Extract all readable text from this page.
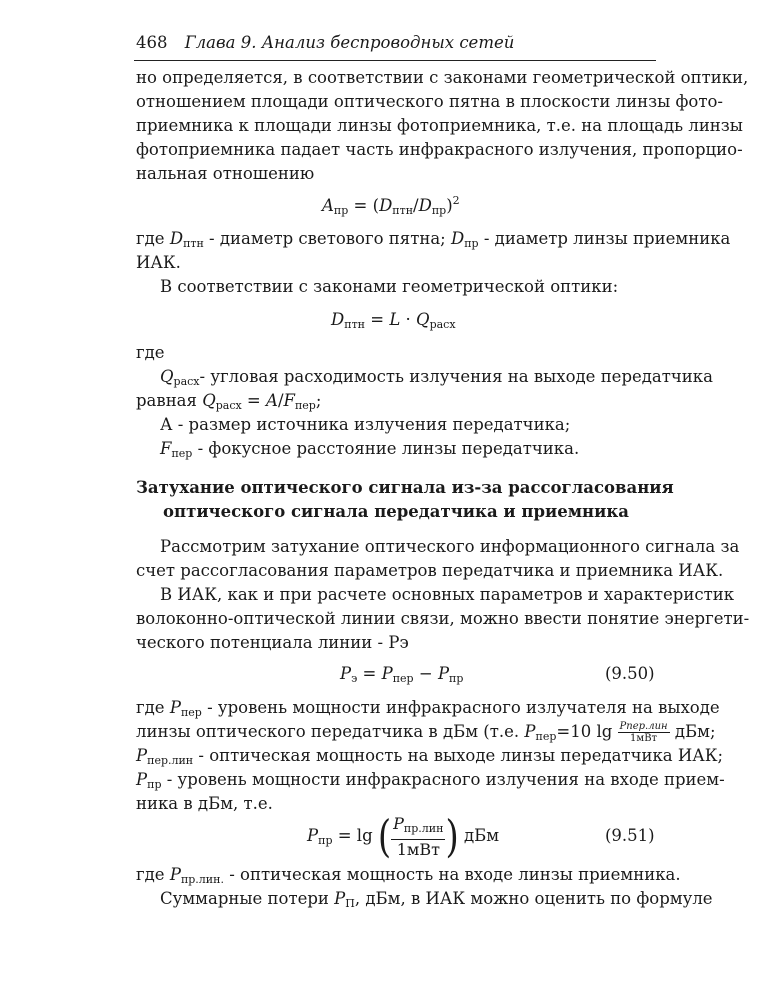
468 Глава 9. Анализ беспроводных сетей
но определяется, в соответствии с законами геометрической оптики,
отношением площади оптического пятна в плоскости линзы фото-
приемника к площади линзы фотоприемника, т.е. на площадь линзы
фотоприемника падает часть инфракрасного излучения, пропорцио-
нальная отношению
$A_{пр} = (D_{птн}/D_{пр})^2$
где $D_{птн}$ - диаметр светового пятна; $D_{пр}$ - диаметр линзы приемника
ИАК.
В соответствии с законами геометрической оптики:
$D_{птн} = L \cdot Q_{расх}$
где
$Q_{расх}-$ угловая расходимость излучения на выходе передатчика
равная $Q_{расх} = A/F_{пер}$;
А - размер источника излучения передатчика;
$F_{пер}$ - фокусное расстояние линзы передатчика.
Затухание оптического сигнала из-за рассогласования
оптического сигнала передатчика и приемника
Рассмотрим затухание оптического информационного сигнала за
счет рассогласования параметров передатчика и приемника ИАК.
В ИАК, как и при расчете основных параметров и характеристик
волоконно-оптической линии связи, можно ввести понятие энергети-
ческого потенциала линии - Pэ
$P_э = P_{пер} - P_{пр}$	(9.50)
где $P_{пер}$ - уровень мощности инфракрасного излучателя на выходе
линзы оптического передатчика в дБм (т.е. $P_{пер}=10$ $\lg \frac{\text{Pпер.лин}}{\text{1мВт}}$ дБм;
$P_{пер.лин}$ - оптическая мощность на выходе линзы передатчика ИАК;
$P_{пр}$ - уровень мощности инфракрасного излучения на входе прием-
ника в дБм, т.е.
$P_{пр} = \lg$ ( $\frac{P_{пр.лин}}{\text{1мВт}}$ ) дБм	(9.51)
где $P_{пр.лин.}$ - оптическая мощность на входе линзы приемника.
Суммарные потери $P_П$, дБм, в ИАК можно оценить по формуле
